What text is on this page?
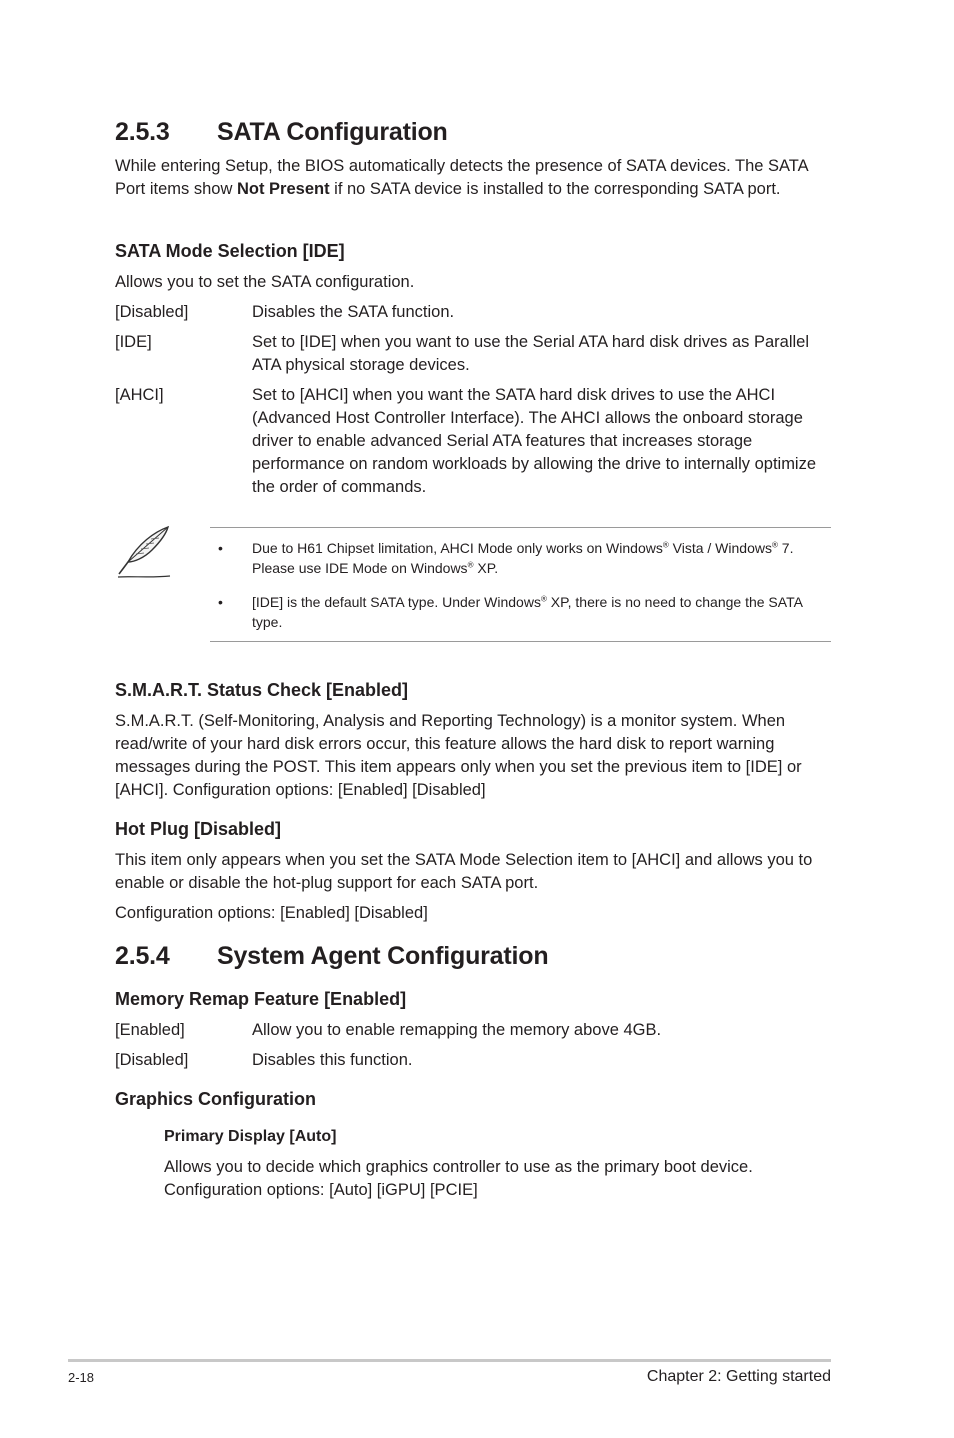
2.5.3 SATA Configuration
While entering Setup, the BIOS automatically detects the presence of SATA devices. The SATA Port items show Not Present if no SATA device is installed to the corresponding SATA port.
SATA Mode Selection [IDE]
Allows you to set the SATA configuration.
[Disabled]	Disables the SATA function.
[IDE]	Set to [IDE] when you want to use the Serial ATA hard disk drives as Parallel ATA physical storage devices.
[AHCI]	Set to [AHCI] when you want the SATA hard disk drives to use the AHCI (Advanced Host Controller Interface). The AHCI allows the onboard storage driver to enable advanced Serial ATA features that increases storage performance on random workloads by allowing the drive to internally optimize the order of commands.
• Due to H61 Chipset limitation, AHCI Mode only works on Windows® Vista / Windows® 7. Please use IDE Mode on Windows® XP.
• [IDE] is the default SATA type. Under Windows® XP, there is no need to change the SATA type.
S.M.A.R.T. Status Check [Enabled]
S.M.A.R.T. (Self-Monitoring, Analysis and Reporting Technology) is a monitor system. When read/write of your hard disk errors occur, this feature allows the hard disk to report warning messages during the POST. This item appears only when you set the previous item to [IDE] or [AHCI]. Configuration options: [Enabled] [Disabled]
Hot Plug [Disabled]
This item only appears when you set the SATA Mode Selection item to [AHCI] and allows you to enable or disable the hot-plug support for each SATA port.
Configuration options: [Enabled] [Disabled]
2.5.4 System Agent Configuration
Memory Remap Feature [Enabled]
[Enabled]	Allow you to enable remapping the memory above 4GB.
[Disabled]	Disables this function.
Graphics Configuration
Primary Display [Auto]
Allows you to decide which graphics controller to use as the primary boot device. Configuration options: [Auto] [iGPU] [PCIE]
2-18	Chapter 2: Getting started
